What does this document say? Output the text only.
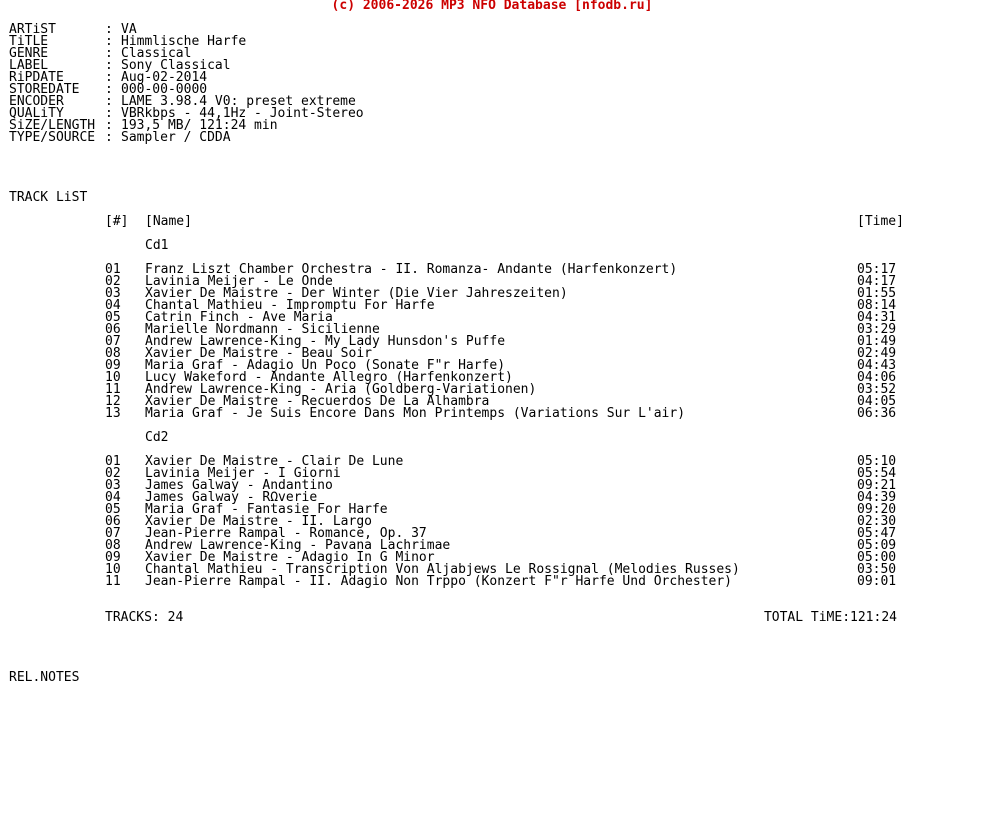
(c) 2006-2026 MP3 NFO Database [nfodb.ru]
ARTiST	: VA
TiTLE	: Himmlische Harfe
GENRE	: Classical
LABEL	: Sony Classical
RiPDATE	: Aug-02-2014
STOREDATE : 000-00-0000
ENCODER	: LAME 3.98.4 V0: preset extreme
QUALiTY	: VBRkbps - 44,1Hz - Joint-Stereo
SiZE/LENGTH : 193,5 MB/ 121:24 min
TYPE/SOURCE : Sampler / CDDA
TRACK LiST
[#] [Name]	[Time]
Cd1
01 Franz Liszt Chamber Orchestra - II. Romanza- Andante (Harfenkonzert)	05:17
02 Lavinia Meijer - Le Onde	04:17
03 Xavier De Maistre - Der Winter (Die Vier Jahreszeiten)	01:55
04 Chantal Mathieu - Impromptu For Harfe	08:14
05 Catrin Finch - Ave Maria	04:31
06 Marielle Nordmann - Sicilienne	03:29
07 Andrew Lawrence-King - My Lady Hunsdon's Puffe	01:49
08 Xavier De Maistre - Beau Soir	02:49
09 Maria Graf - Adagio Un Poco (Sonate F"r Harfe)	04:43
10 Lucy Wakeford - Andante Allegro (Harfenkonzert)	04:06
11 Andrew Lawrence-King - Aria (Goldberg-Variationen)	03:52
12 Xavier De Maistre - Recuerdos De La Alhambra	04:05
13 Maria Graf - Je Suis Encore Dans Mon Printemps (Variations Sur L'air)	06:36
Cd2
01 Xavier De Maistre - Clair De Lune	05:10
02 Lavinia Meijer - I Giorni	05:54
03 James Galway - Andantino	09:21
04 James Galway - RΩverie	04:39
05 Maria Graf - Fantasie For Harfe	09:20
06 Xavier De Maistre - II. Largo	02:30
07 Jean-Pierre Rampal - Romance, Op. 37	05:47
08 Andrew Lawrence-King - Pavana Lachrimae	05:09
09 Xavier De Maistre - Adagio In G Minor	05:00
10 Chantal Mathieu - Transcription Von Aljabjews Le Rossignal (Melodies Russes)	03:50
11 Jean-Pierre Rampal - II. Adagio Non Trppo (Konzert F"r Harfe Und Orchester)	09:01
TRACKS: 24	TOTAL TiME:121:24
REL.NOTES
